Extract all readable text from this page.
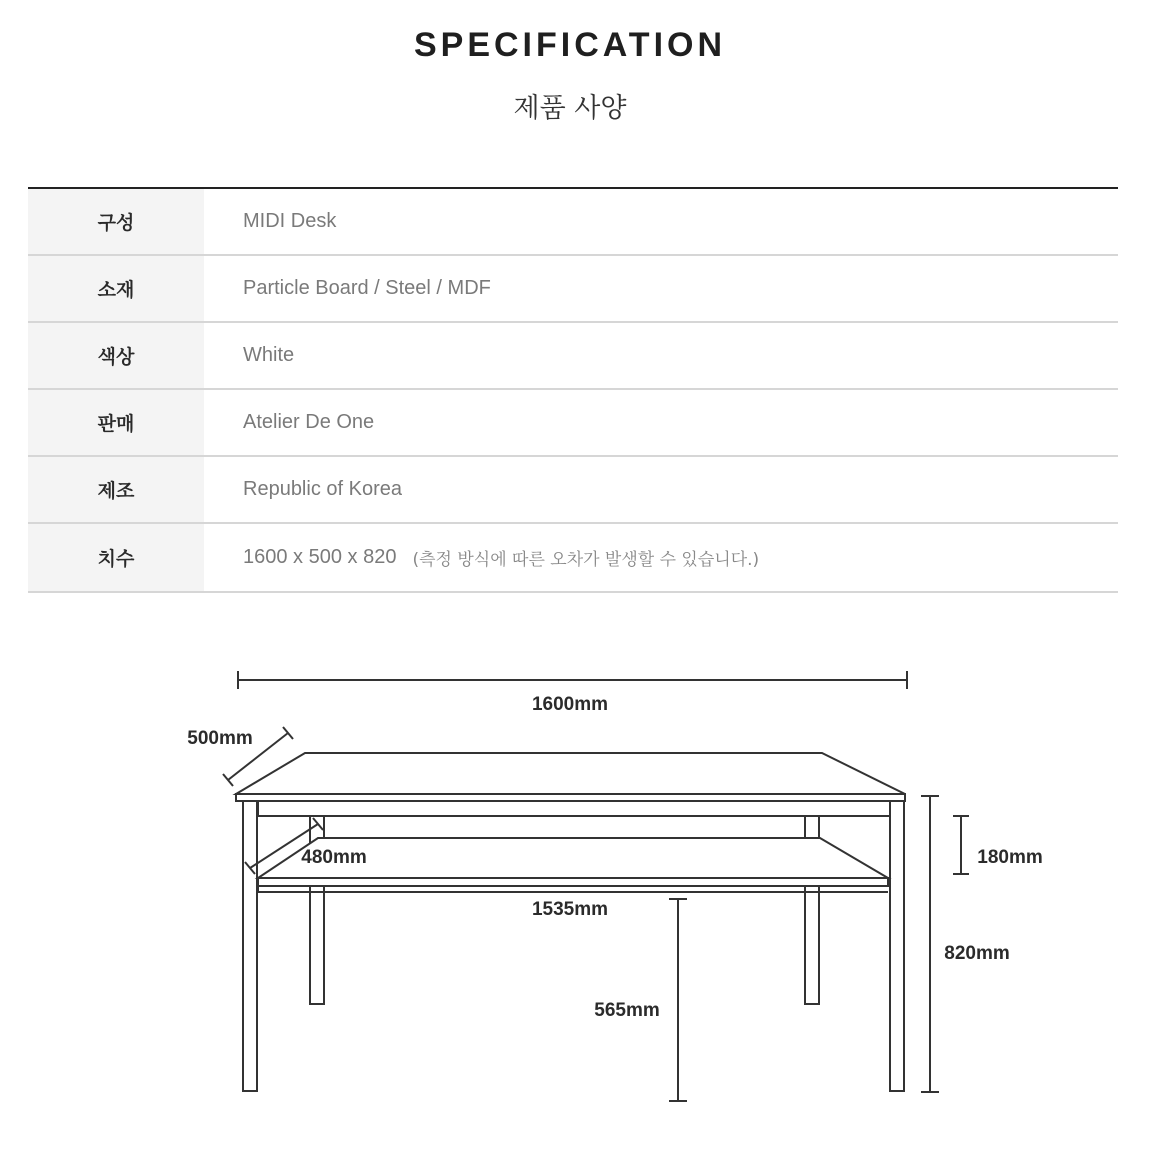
SPECIFICATION
제품 사양
구성	MIDI Desk
소재	Particle Board / Steel / MDF
색상	White
판매	Atelier De One
제조	Republic of Korea
치수	1600 x 500 x 820 (측정 방식에 따른 오차가 발생할 수 있습니다.)
1600mm
500mm
480mm
1535mm
180mm
820mm
565mm
